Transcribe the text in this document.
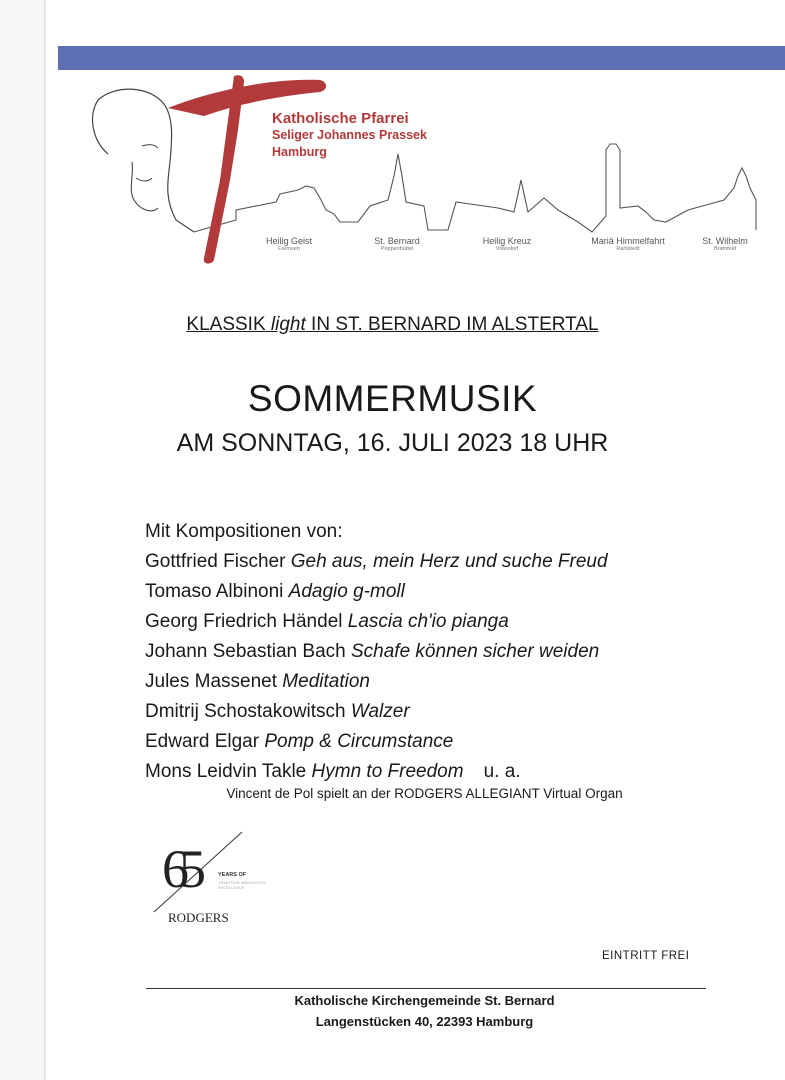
Katholische Pfarrei
Seliger Johannes Prassek
Hamburg
Heilig Geist
Farmsen
St. Bernard
Poppenbüttel
Heilig Kreuz
Volksdorf
Mariä Himmelfahrt
Rahlstedt
St. Wilhelm
Bramfeld
KLASSIK light IN ST. BERNARD IM ALSTERTAL
SOMMERMUSIK
AM SONNTAG, 16. JULI 2023 18 UHR
Mit Kompositionen von:
Gottfried Fischer Geh aus, mein Herz und suche Freud
Tomaso Albinoni Adagio g-moll
Georg Friedrich Händel Lascia ch'io pianga
Johann Sebastian Bach Schafe können sicher weiden
Jules Massenet Meditation
Dmitrij Schostakowitsch Walzer
Edward Elgar Pomp & Circumstance
Mons Leidvin Takle Hymn to Freedom u. a.
Vincent de Pol spielt an der RODGERS ALLEGIANT Virtual Organ
65	YEARS OF
TRADITION INNOVATION EXCELLENCE
RODGERS
EINTRITT FREI
Katholische Kirchengemeinde St. Bernard
Langenstücken 40, 22393 Hamburg
